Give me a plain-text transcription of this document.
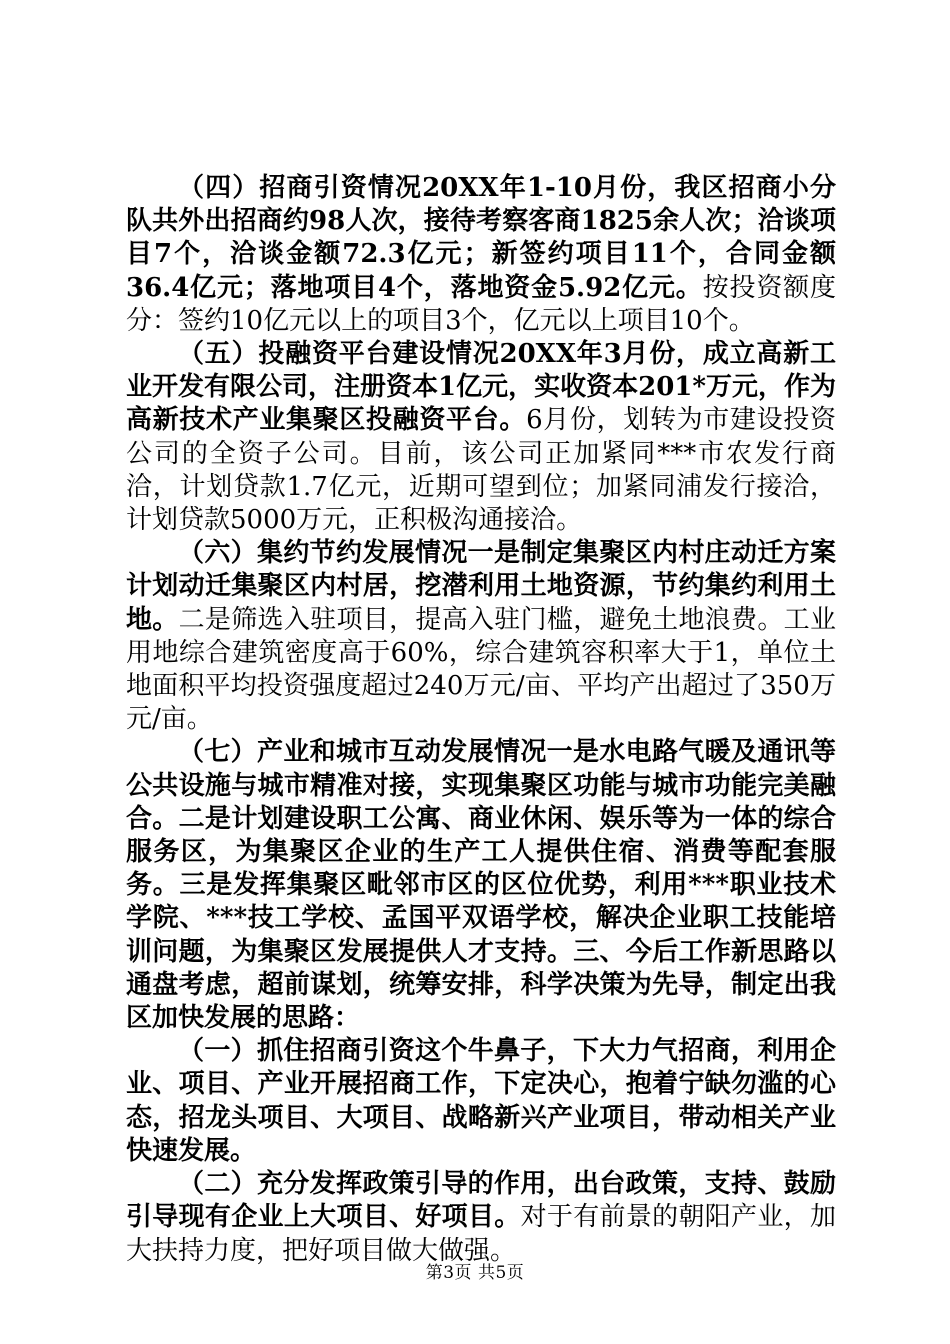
（四）招商引资情况20XX年1-10月份，我区招商小分队共外出招商约98人次，接待考察客商1825余人次；洽谈项目7个，洽谈金额72.3亿元；新签约项目11个，合同金额36.4亿元；落地项目4个，落地资金5.92亿元。按投资额度分：签约10亿元以上的项目3个，亿元以上项目10个。

（五）投融资平台建设情况20XX年3月份，成立高新工业开发有限公司，注册资本1亿元，实收资本201*万元，作为高新技术产业集聚区投融资平台。6月份，划转为市建设投资公司的全资子公司。目前，该公司正加紧同***市农发行商洽，计划贷款1.7亿元，近期可望到位；加紧同浦发行接洽，计划贷款5000万元，正积极沟通接洽。

（六）集约节约发展情况一是制定集聚区内村庄动迁方案计划动迁集聚区内村居，挖潜利用土地资源，节约集约利用土地。二是筛选入驻项目，提高入驻门槛，避免土地浪费。工业用地综合建筑密度高于60%，综合建筑容积率大于1，单位土地面积平均投资强度超过240万元/亩、平均产出超过了350万元/亩。

（七）产业和城市互动发展情况一是水电路气暖及通讯等公共设施与城市精准对接，实现集聚区功能与城市功能完美融合。二是计划建设职工公寓、商业休闲、娱乐等为一体的综合服务区，为集聚区企业的生产工人提供住宿、消费等配套服务。三是发挥集聚区毗邻市区的区位优势，利用***职业技术学院、***技工学校、孟国平双语学校，解决企业职工技能培训问题，为集聚区发展提供人才支持。三、今后工作新思路以通盘考虑，超前谋划，统筹安排，科学决策为先导，制定出我区加快发展的思路：

（一）抓住招商引资这个牛鼻子，下大力气招商，利用企业、项目、产业开展招商工作，下定决心，抱着宁缺勿滥的心态，招龙头项目、大项目、战略新兴产业项目，带动相关产业快速发展。

（二）充分发挥政策引导的作用，出台政策，支持、鼓励引导现有企业上大项目、好项目。对于有前景的朝阳产业，加大扶持力度，把好项目做大做强。

第3页 共5页
